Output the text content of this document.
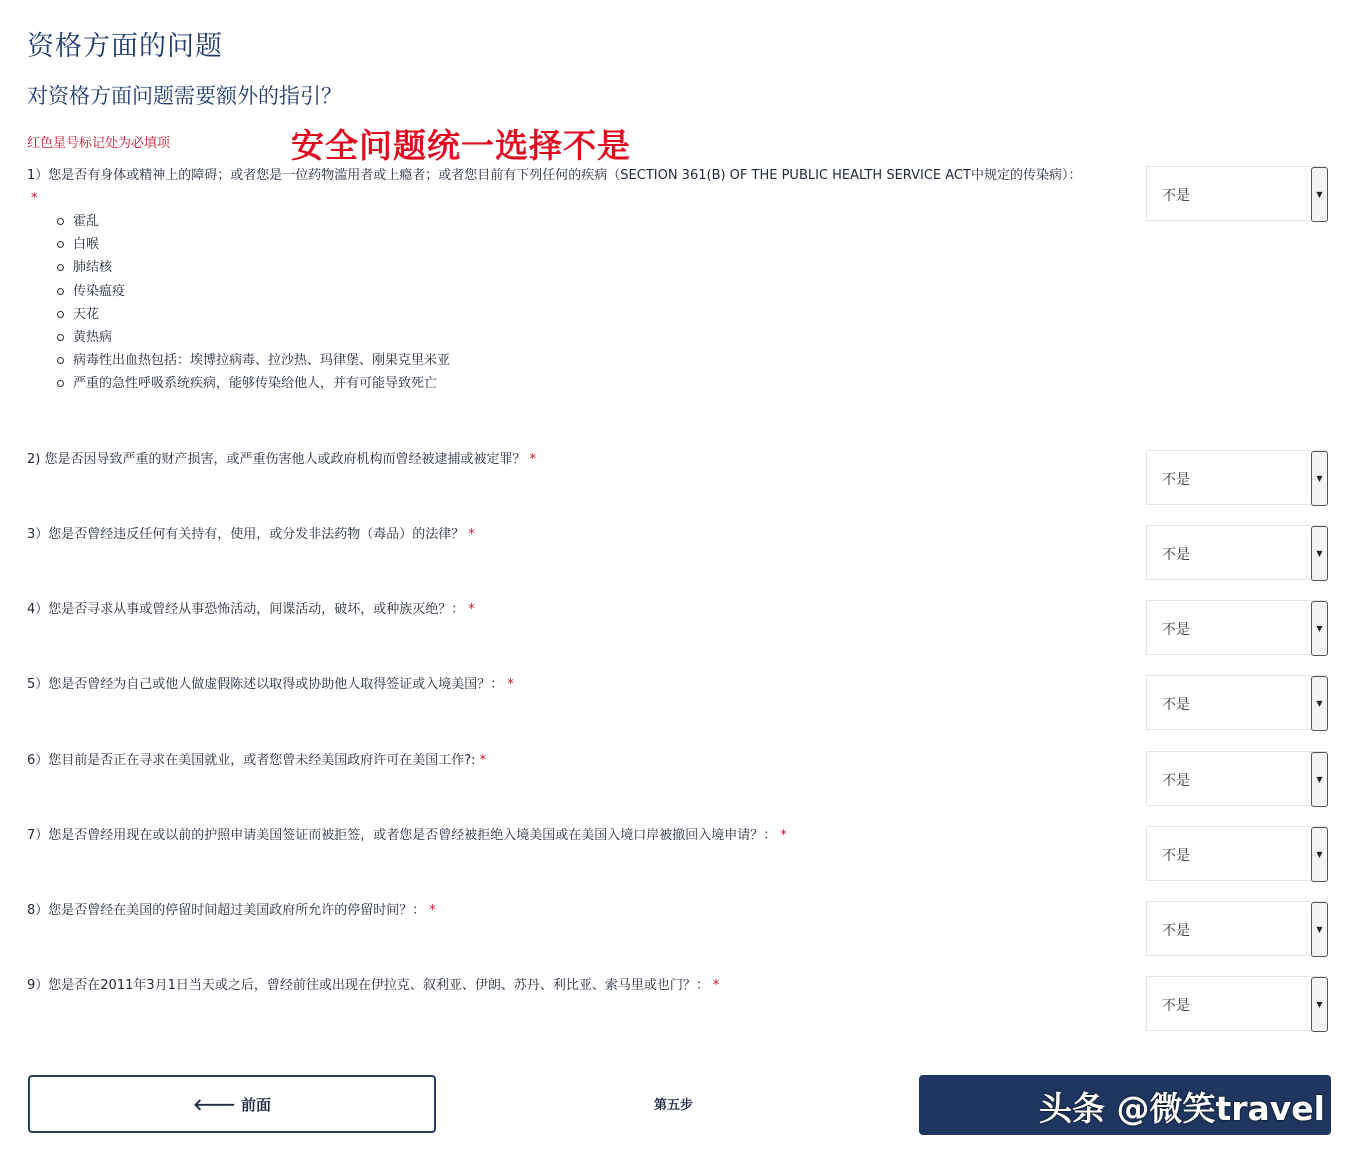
资格方面的问题
对资格方面问题需要额外的指引？
红色星号标记处为必填项	安全问题统一选择不是
1）您是否有身体或精神上的障碍；或者您是一位药物滥用者或上瘾者；或者您目前有下列任何的疾病（SECTION 361(B) OF THE PUBLIC HEALTH SERVICE ACT中规定的传染病）：*
霍乱
白喉
肺结核
传染瘟疫
天花
黄热病
病毒性出血热包括：埃博拉病毒、拉沙热、玛律堡、刚果克里米亚
严重的急性呼吸系统疾病，能够传染给他人，并有可能导致死亡
不是	▼
2) 您是否因导致严重的财产损害，或严重伤害他人或政府机构而曾经被逮捕或被定罪？ *
不是	▼
3）您是否曾经违反任何有关持有，使用，或分发非法药物（毒品）的法律？ *
不是	▼
4）您是否寻求从事或曾经从事恐怖活动，间谍活动，破坏，或种族灭绝？： *
不是	▼
5）您是否曾经为自己或他人做虚假陈述以取得或协助他人取得签证或入境美国？： *
不是	▼
6）您目前是否正在寻求在美国就业，或者您曾未经美国政府许可在美国工作?: *
不是	▼
7）您是否曾经用现在或以前的护照申请美国签证而被拒签，或者您是否曾经被拒绝入境美国或在美国入境口岸被撤回入境申请？： *
不是	▼
8）您是否曾经在美国的停留时间超过美国政府所允许的停留时间？： *
不是	▼
9）您是否在2011年3月1日当天或之后，曾经前往或出现在伊拉克、叙利亚、伊朗、苏丹、利比亚、索马里或也门？： *
不是	▼
🡐 前面	第五步	头条 @微笑travel
